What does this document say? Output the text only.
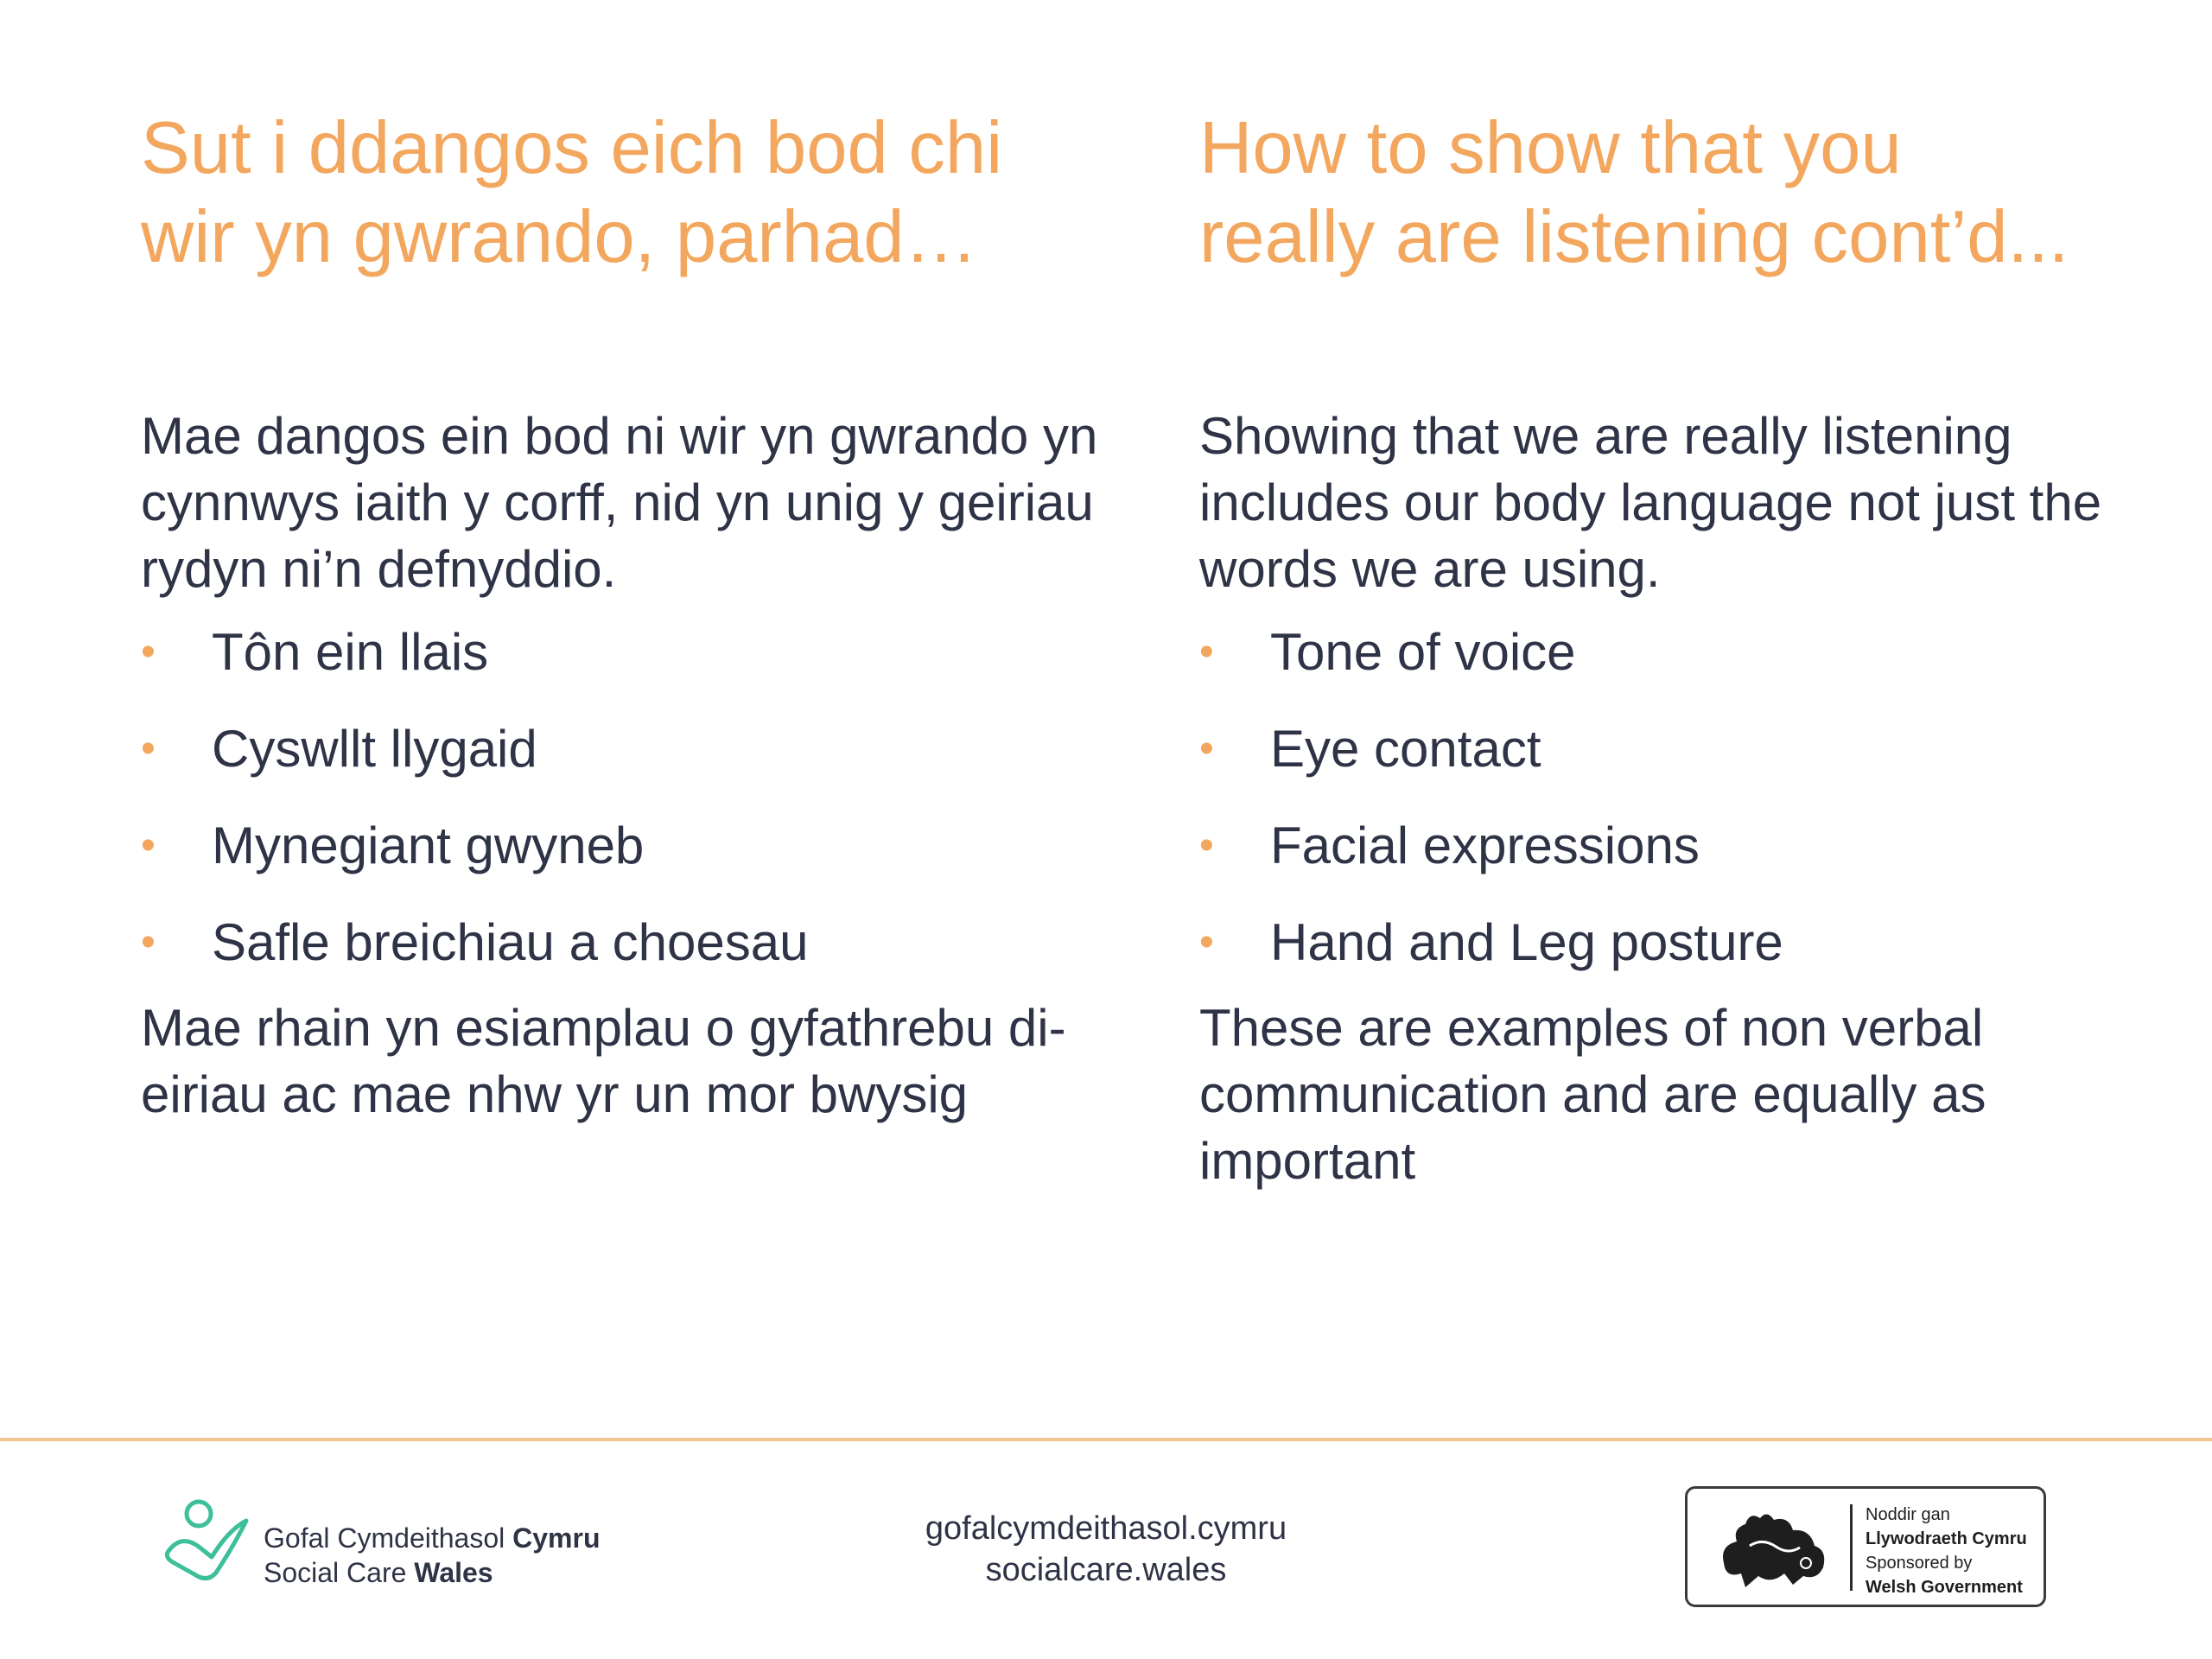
Sut i ddangos eich bod chi
wir yn gwrando, parhad…

Mae dangos ein bod ni wir yn gwrando yn cynnwys iaith y corff, nid yn unig y geiriau rydyn ni’n defnyddio.

• Tôn ein llais
• Cyswllt llygaid
• Mynegiant gwyneb
• Safle breichiau a choesau

Mae rhain yn esiamplau o gyfathrebu di-eiriau ac mae nhw yr un mor bwysig

How to show that you
really are listening cont’d...

Showing that we are really listening includes our body language not just the words we are using.

• Tone of voice
• Eye contact
• Facial expressions
• Hand and Leg posture

These are examples of non verbal communication and are equally as important

Gofal Cymdeithasol Cymru
Social Care Wales
gofalcymdeithasol.cymru
socialcare.wales
Noddir gan
Llywodraeth Cymru
Sponsored by
Welsh Government
